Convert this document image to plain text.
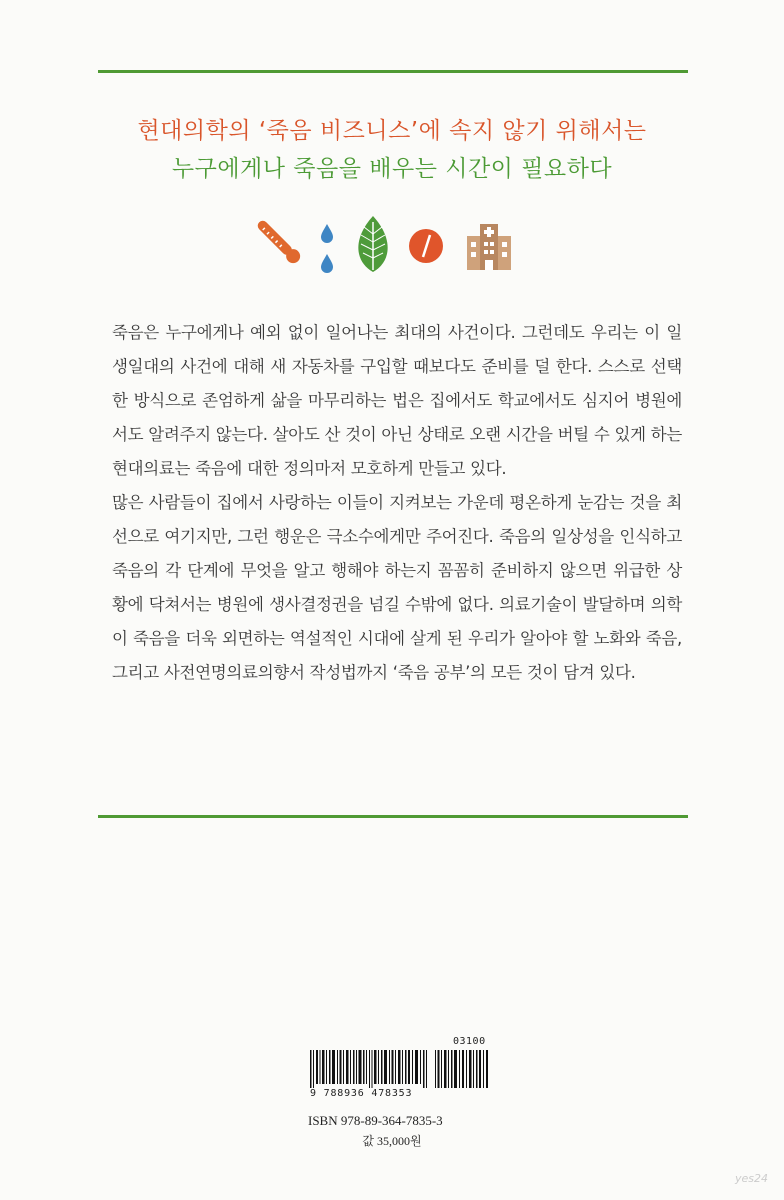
현대의학의 ‘죽음 비즈니스’에 속지 않기 위해서는
누구에게나 죽음을 배우는 시간이 필요하다

죽음은 누구에게나 예외 없이 일어나는 최대의 사건이다. 그런데도 우리는 이 일생일대의 사건에 대해 새 자동차를 구입할 때보다도 준비를 덜 한다. 스스로 선택한 방식으로 존엄하게 삶을 마무리하는 법은 집에서도 학교에서도 심지어 병원에서도 알려주지 않는다. 살아도 산 것이 아닌 상태로 오랜 시간을 버틸 수 있게 하는 현대의료는 죽음에 대한 정의마저 모호하게 만들고 있다.

많은 사람들이 집에서 사랑하는 이들이 지켜보는 가운데 평온하게 눈감는 것을 최선으로 여기지만, 그런 행운은 극소수에게만 주어진다. 죽음의 일상성을 인식하고 죽음의 각 단계에 무엇을 알고 행해야 하는지 꼼꼼히 준비하지 않으면 위급한 상황에 닥쳐서는 병원에 생사결정권을 넘길 수밖에 없다. 의료기술이 발달하며 의학이 죽음을 더욱 외면하는 역설적인 시대에 살게 된 우리가 알아야 할 노화와 죽음, 그리고 사전연명의료의향서 작성법까지 ‘죽음 공부’의 모든 것이 담겨 있다.

03100
9 788936 478353
ISBN 978-89-364-7835-3
값 35,000원
yes24
